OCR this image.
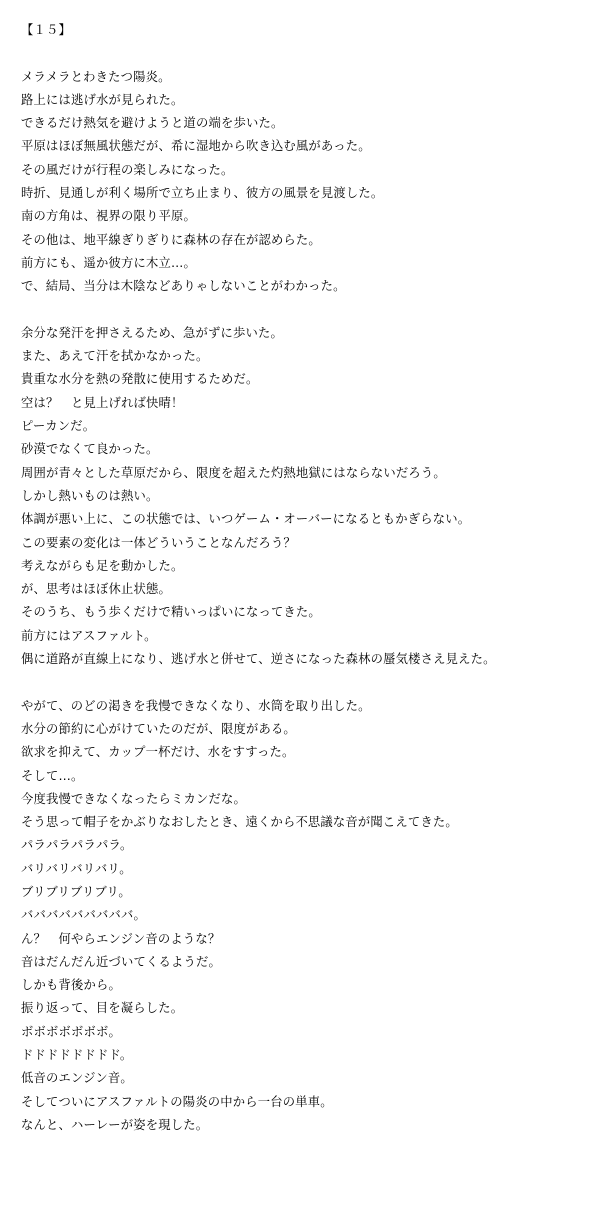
【１５】
メラメラとわきたつ陽炎。
路上には逃げ水が見られた。
できるだけ熱気を避けようと道の端を歩いた。
平原はほぼ無風状態だが、希に湿地から吹き込む風があった。
その風だけが行程の楽しみになった。
時折、見通しが利く場所で立ち止まり、彼方の風景を見渡した。
南の方角は、視界の限り平原。
その他は、地平線ぎりぎりに森林の存在が認めらた。
前方にも、遥か彼方に木立…。
で、結局、当分は木陰などありゃしないことがわかった。
余分な発汗を押さえるため、急がずに歩いた。
また、あえて汗を拭かなかった。
貴重な水分を熱の発散に使用するためだ。
空は？　と見上げれば快晴！
ピーカンだ。
砂漠でなくて良かった。
周囲が青々とした草原だから、限度を超えた灼熱地獄にはならないだろう。
しかし熱いものは熱い。
体調が悪い上に、この状態では、いつゲーム・オーバーになるともかぎらない。
この要素の変化は一体どういうことなんだろう？
考えながらも足を動かした。
が、思考はほぼ休止状態。
そのうち、もう歩くだけで精いっぱいになってきた。
前方にはアスファルト。
偶に道路が直線上になり、逃げ水と併せて、逆さになった森林の蜃気楼さえ見えた。
やがて、のどの渇きを我慢できなくなり、水筒を取り出した。
水分の節約に心がけていたのだが、限度がある。
欲求を抑えて、カップ一杯だけ、水をすすった。
そして…。
今度我慢できなくなったらミカンだな。
そう思って帽子をかぶりなおしたとき、遠くから不思議な音が聞こえてきた。
パラパラパラパラ。
バリバリバリバリ。
ブリブリブリブリ。
バババババババババ。
ん？　何やらエンジン音のような？
音はだんだん近づいてくるようだ。
しかも背後から。
振り返って、目を凝らした。
ボボボボボボボ。
ドドドドドドドド。
低音のエンジン音。
そしてついにアスファルトの陽炎の中から一台の単車。
なんと、ハーレーが姿を現した。
